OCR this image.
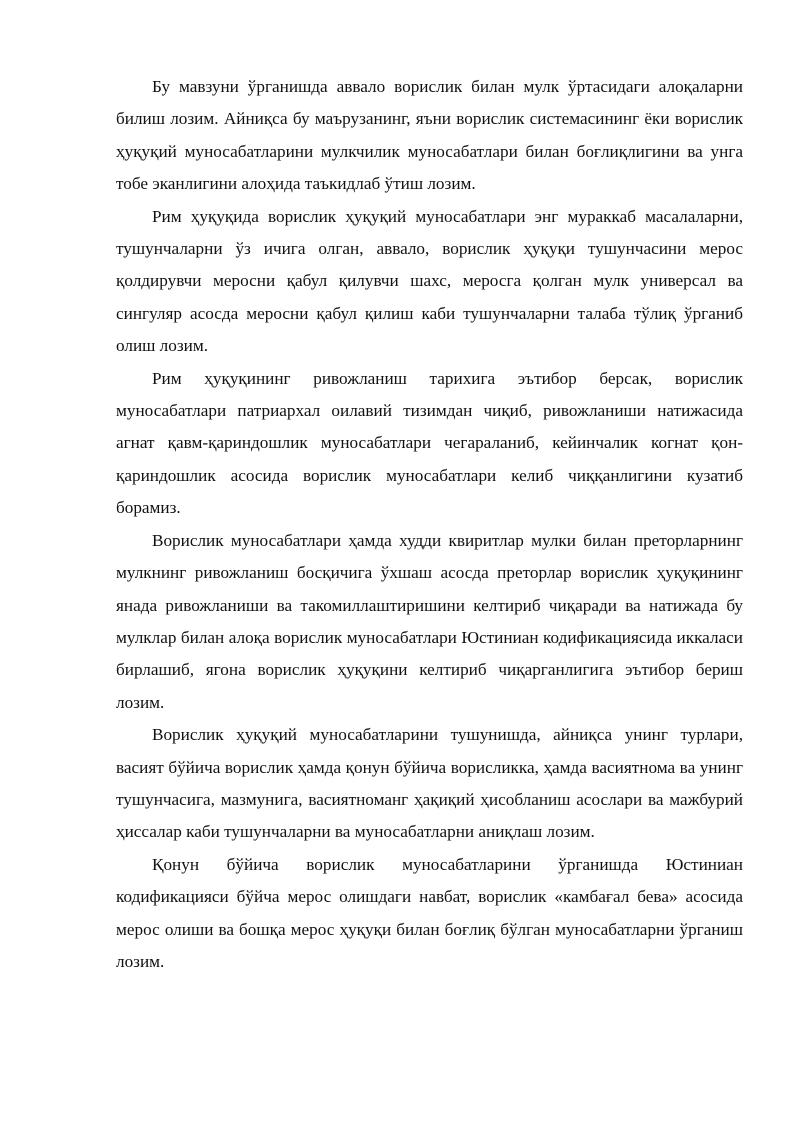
Бу мавзуни ўрганишда аввало ворислик билан мулк ўртасидаги алоқаларни билиш лозим. Айниқса бу маърузанинг, яъни ворислик системасининг ёки ворислик ҳуқуқий муносабатларини мулкчилик муносабатлари билан боғлиқлигини ва унга тобе эканлигини алоҳида таъкидлаб ўтиш лозим.

Рим ҳуқуқида ворислик ҳуқуқий муносабатлари энг мураккаб масалаларни, тушунчаларни ўз ичига олган, аввало, ворислик ҳуқуқи тушунчасини мерос қолдирувчи меросни қабул қилувчи шахс, меросга қолган мулк универсал ва сингуляр асосда меросни қабул қилиш каби тушунчаларни талаба тўлиқ ўрганиб олиш лозим.

Рим ҳуқуқининг ривожланиш тарихига эътибор берсак, ворислик муносабатлари патриархал оилавий тизимдан чиқиб, ривожланиши натижасида агнат қавм-қариндошлик муносабатлари чегараланиб, кейинчалик когнат қон-қариндошлик асосида ворислик муносабатлари келиб чиққанлигини кузатиб борамиз.

Ворислик муносабатлари ҳамда худди квиритлар мулки билан преторларнинг мулкнинг ривожланиш босқичига ўхшаш асосда преторлар ворислик ҳуқуқининг янада ривожланиши ва такомиллаштиришини келтириб чиқаради ва натижада бу мулклар билан алоқа ворислик муносабатлари Юстиниан кодификациясида иккаласи бирлашиб, ягона ворислик ҳуқуқини келтириб чиқарганлигига эътибор бериш лозим.

Ворислик ҳуқуқий муносабатларини тушунишда, айниқса унинг турлари, васият бўйича ворислик ҳамда қонун бўйича ворисликка, ҳамда васиятнома ва унинг тушунчасига, мазмунига, васиятноманг ҳақиқий ҳисобланиш асослари ва мажбурий ҳиссалар каби тушунчаларни ва муносабатларни аниқлаш лозим.

Қонун бўйича ворислик муносабатларини ўрганишда Юстиниан кодификацияси бўйча мерос олишдаги навбат, ворислик «камбағал бева» асосида мерос олиши ва бошқа мерос ҳуқуқи билан боғлиқ бўлган муносабатларни ўрганиш лозим.
